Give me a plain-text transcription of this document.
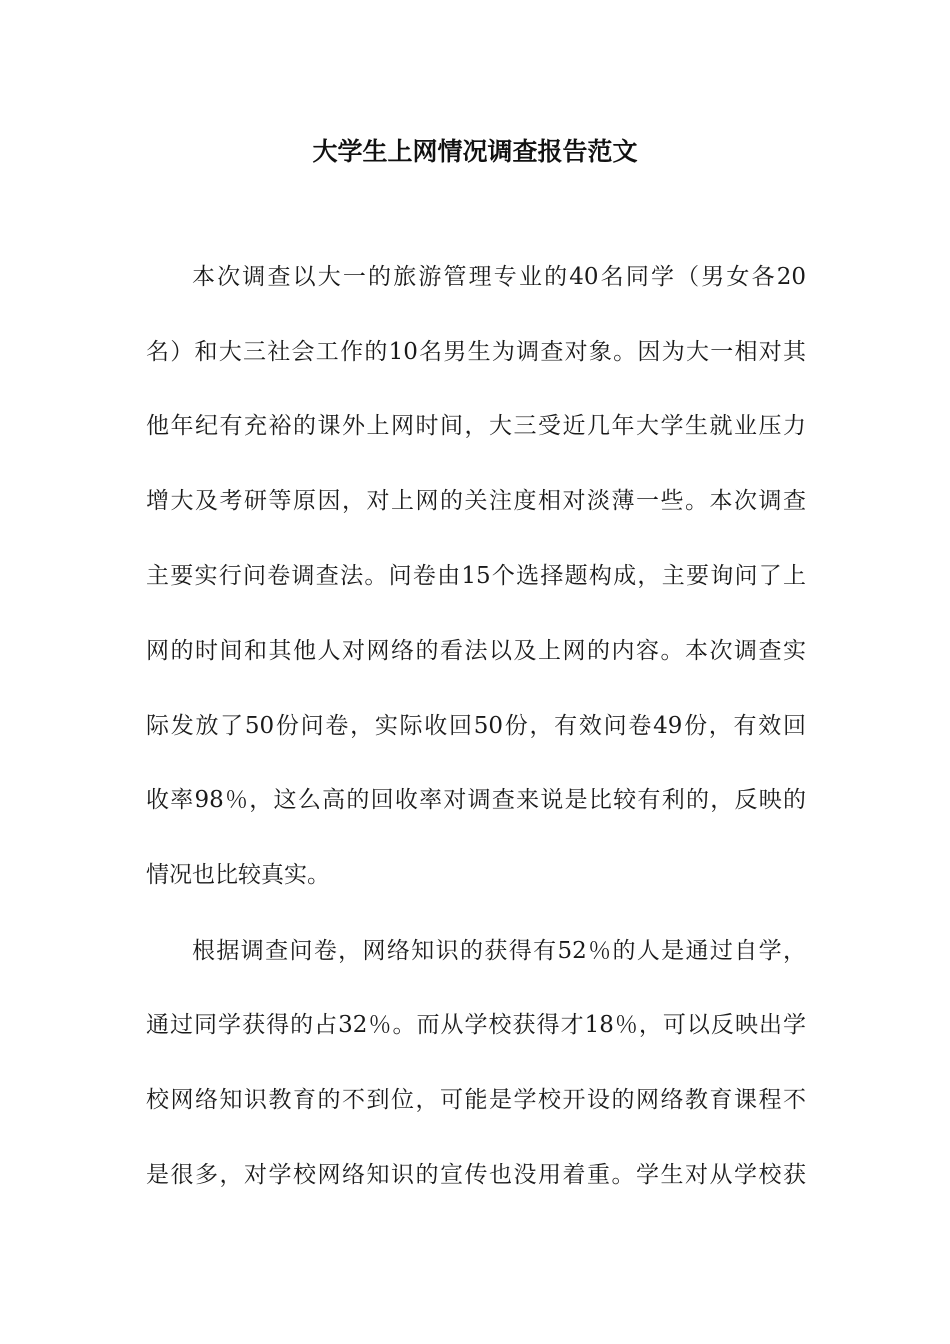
大学生上网情况调查报告范文
本次调查以大一的旅游管理专业的40名同学（男女各20
名）和大三社会工作的10名男生为调查对象。因为大一相对其
他年纪有充裕的课外上网时间，大三受近几年大学生就业压力
增大及考研等原因，对上网的关注度相对淡薄一些。本次调查
主要实行问卷调查法。问卷由15个选择题构成，主要询问了上
网的时间和其他人对网络的看法以及上网的内容。本次调查实
际发放了50份问卷，实际收回50份，有效问卷49份，有效回
收率98％，这么高的回收率对调查来说是比较有利的，反映的
情况也比较真实。
根据调查问卷，网络知识的获得有52％的人是通过自学，
通过同学获得的占32％。而从学校获得才18％，可以反映出学
校网络知识教育的不到位，可能是学校开设的网络教育课程不
是很多，对学校网络知识的宣传也没用着重。学生对从学校获
